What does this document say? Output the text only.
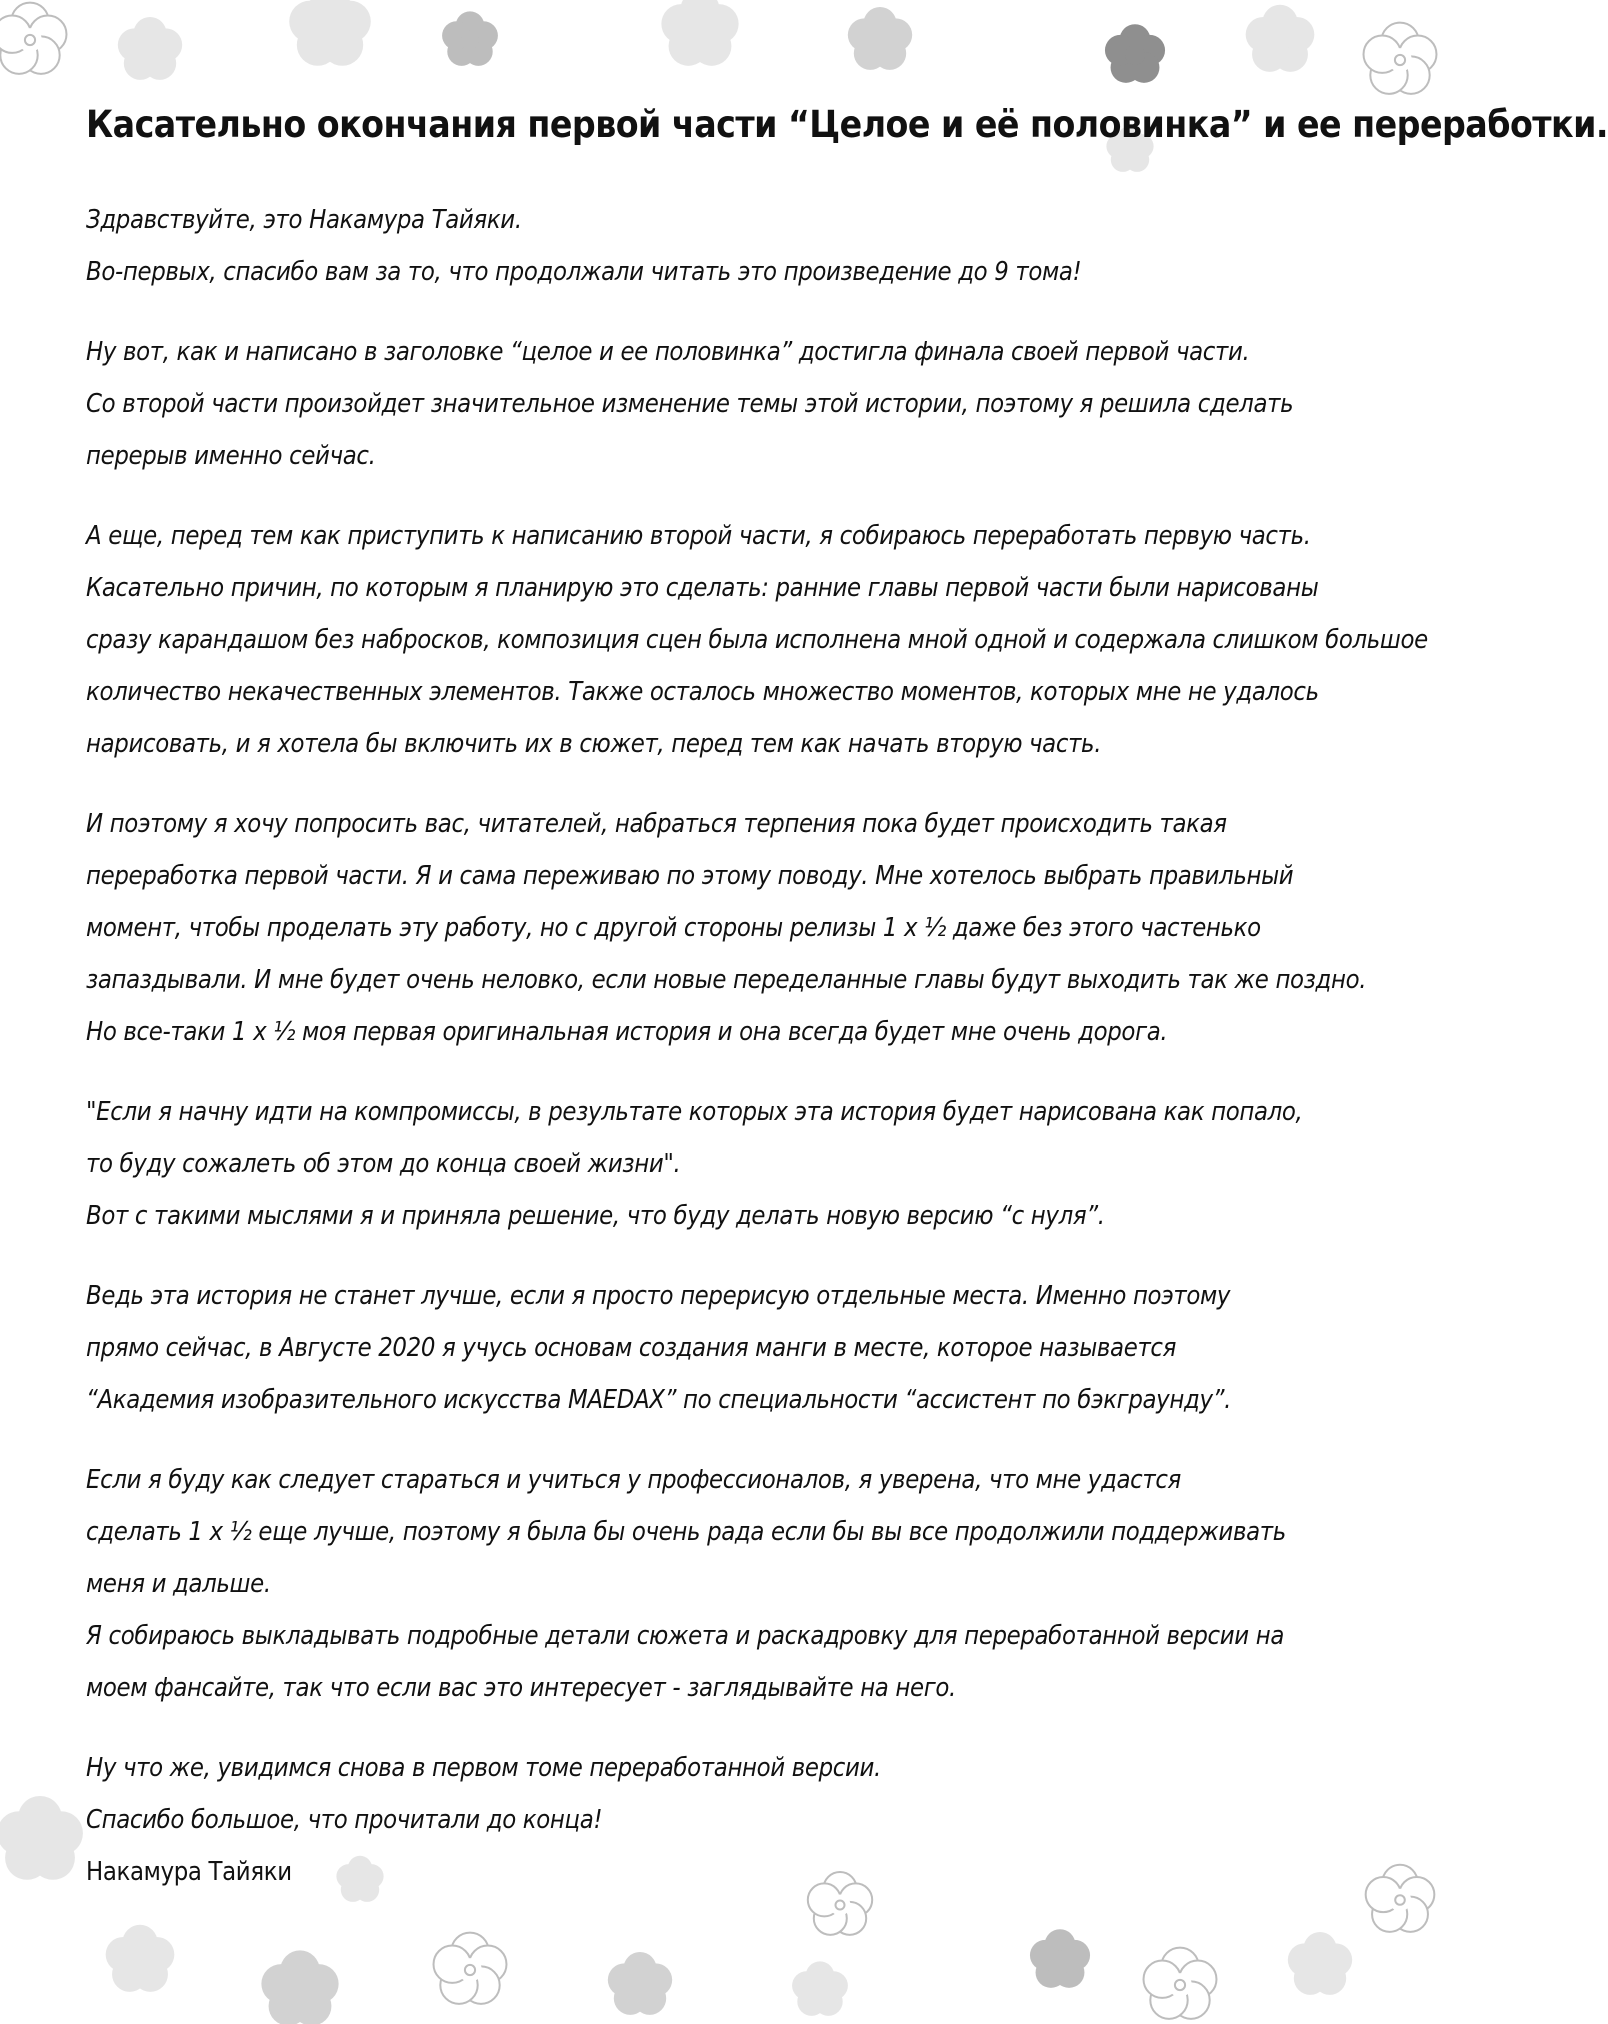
Касательно окончания первой части “Целое и её половинка” и ее переработки.
Здравствуйте, это Накамура Тайяки.
Во-первых, спасибо вам за то, что продолжали читать это произведение до 9 тома!
Ну вот, как и написано в заголовке “целое и ее половинка” достигла финала своей первой части.
Со второй части произойдет значительное изменение темы этой истории, поэтому я решила сделать
перерыв именно сейчас.
А еще, перед тем как приступить к написанию второй части, я собираюсь переработать первую часть.
Касательно причин, по которым я планирую это сделать: ранние главы первой части были нарисованы
сразу карандашом без набросков, композиция сцен была исполнена мной одной и содержала слишком большое
количество некачественных элементов. Также осталось множество моментов, которых мне не удалось
нарисовать, и я хотела бы включить их в сюжет, перед тем как начать вторую часть.
И поэтому я хочу попросить вас, читателей, набраться терпения пока будет происходить такая
переработка первой части. Я и сама переживаю по этому поводу. Мне хотелось выбрать правильный
момент, чтобы проделать эту работу, но с другой стороны релизы 1 x ½ даже без этого частенько
запаздывали. И мне будет очень неловко, если новые переделанные главы будут выходить так же поздно.
Но все-таки 1 x ½ моя первая оригинальная история и она всегда будет мне очень дорога.
"Если я начну идти на компромиссы, в результате которых эта история будет нарисована как попало,
то буду сожалеть об этом до конца своей жизни".
Вот с такими мыслями я и приняла решение, что буду делать новую версию “с нуля”.
Ведь эта история не станет лучше, если я просто перерисую отдельные места. Именно поэтому
прямо сейчас, в Августе 2020 я учусь основам создания манги в месте, которое называется
“Академия изобразительного искусства MAEDAX” по специальности “ассистент по бэкграунду”.
Если я буду как следует стараться и учиться у профессионалов, я уверена, что мне удастся
сделать 1 x ½ еще лучше, поэтому я была бы очень рада если бы вы все продолжили поддерживать
меня и дальше.
Я собираюсь выкладывать подробные детали сюжета и раскадровку для переработанной версии на
моем фансайте, так что если вас это интересует - заглядывайте на него.
Ну что же, увидимся снова в первом томе переработанной версии.
Спасибо большое, что прочитали до конца!
Накамура Тайяки
